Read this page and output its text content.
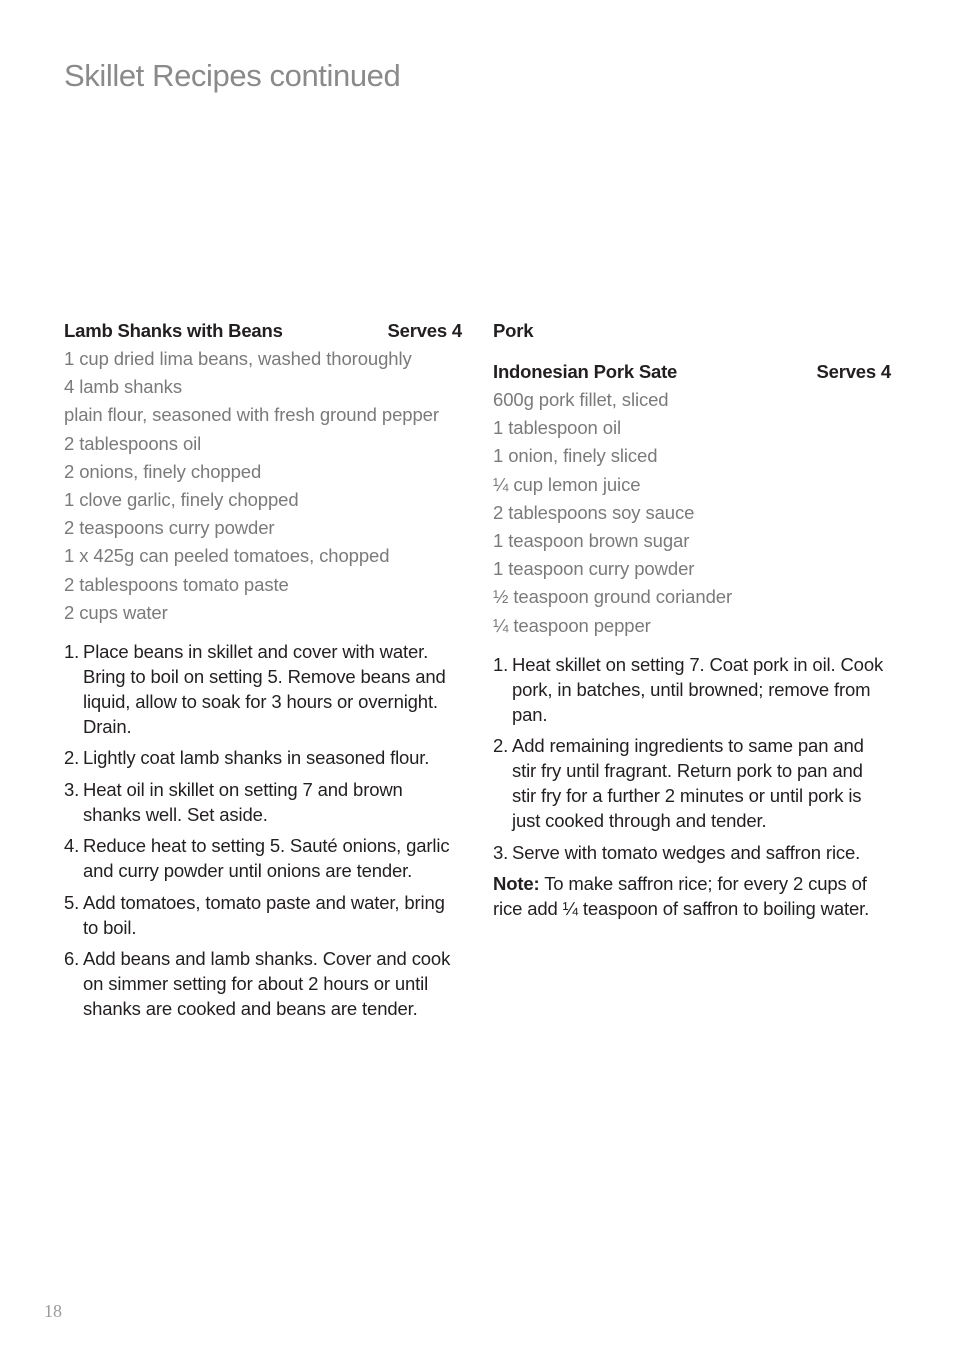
Skillet Recipes continued
Lamb Shanks with Beans	Serves 4
1 cup dried lima beans, washed thoroughly
4 lamb shanks
plain flour, seasoned with fresh ground pepper
2 tablespoons oil
2 onions, finely chopped
1 clove garlic, finely chopped
2 teaspoons curry powder
1 x 425g can peeled tomatoes, chopped
2 tablespoons tomato paste
2 cups water
1. Place beans in skillet and cover with water. Bring to boil on setting 5. Remove beans and liquid, allow to soak for 3 hours or overnight. Drain.
2. Lightly coat lamb shanks in seasoned flour.
3. Heat oil in skillet on setting 7 and brown shanks well. Set aside.
4. Reduce heat to setting 5. Sauté onions, garlic and curry powder until onions are tender.
5. Add tomatoes, tomato paste and water, bring to boil.
6. Add beans and lamb shanks. Cover and cook on simmer setting for about 2 hours or until shanks are cooked and beans are tender.
Pork
Indonesian Pork Sate	Serves 4
600g pork fillet, sliced
1 tablespoon oil
1 onion, finely sliced
¼ cup lemon juice
2 tablespoons soy sauce
1 teaspoon brown sugar
1 teaspoon curry powder
½ teaspoon ground coriander
¼ teaspoon pepper
1. Heat skillet on setting 7. Coat pork in oil. Cook pork, in batches, until browned; remove from pan.
2. Add remaining ingredients to same pan and stir fry until fragrant. Return pork to pan and stir fry for a further 2 minutes or until pork is just cooked through and tender.
3. Serve with tomato wedges and saffron rice.

Note: To make saffron rice; for every 2 cups of rice add ¼ teaspoon of saffron to boiling water.

18
